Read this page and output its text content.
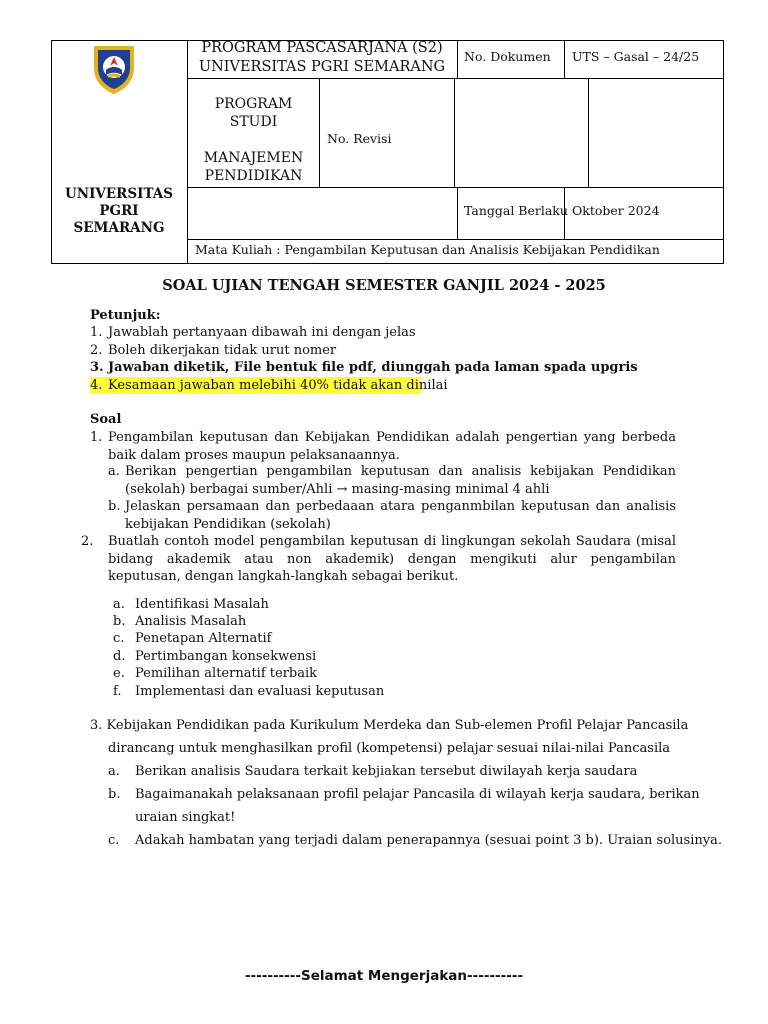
PROGRAM PASCASARJANA (S2)
UNIVERSITAS PGRI SEMARANG
No. Dokumen UTS – Gasal – 24/25
PROGRAM
STUDI
MANAJEMEN
PENDIDIKAN
No. Revisi
UNIVERSITAS
PGRI
SEMARANG
Tanggal Berlaku Oktober 2024
Mata Kuliah : Pengambilan Keputusan dan Analisis Kebijakan Pendidikan
SOAL UJIAN TENGAH SEMESTER GANJIL 2024 - 2025
Petunjuk:
1. Jawablah pertanyaan dibawah ini dengan jelas
2. Boleh dikerjakan tidak urut nomer
3. Jawaban diketik, File bentuk file pdf, diunggah pada laman spada upgris
4. Kesamaan jawaban melebihi 40% tidak akan dinilai
Soal
1. Pengambilan keputusan dan Kebijakan Pendidikan adalah pengertian yang berbeda baik dalam proses maupun pelaksanaannya.
a. Berikan pengertian pengambilan keputusan dan analisis kebijakan Pendidikan (sekolah) berbagai sumber/Ahli → masing-masing minimal 4 ahli
b. Jelaskan persamaan dan perbedaaan atara penganmbilan keputusan dan analisis kebijakan Pendidikan (sekolah)
2. Buatlah contoh model pengambilan keputusan di lingkungan sekolah Saudara (misal bidang akademik atau non akademik) dengan mengikuti alur pengambilan keputusan, dengan langkah-langkah sebagai berikut.
a. Identifikasi Masalah
b. Analisis Masalah
c. Penetapan Alternatif
d. Pertimbangan konsekwensi
e. Pemilihan alternatif terbaik
f. Implementasi dan evaluasi keputusan
3. Kebijakan Pendidikan pada Kurikulum Merdeka dan Sub-elemen Profil Pelajar Pancasila
dirancang untuk menghasilkan profil (kompetensi) pelajar sesuai nilai-nilai Pancasila
a. Berikan analisis Saudara terkait kebjiakan tersebut diwilayah kerja saudara
b. Bagaimanakah pelaksanaan profil pelajar Pancasila di wilayah kerja saudara, berikan
uraian singkat!
c. Adakah hambatan yang terjadi dalam penerapannya (sesuai point 3 b). Uraian solusinya.
----------Selamat Mengerjakan----------
